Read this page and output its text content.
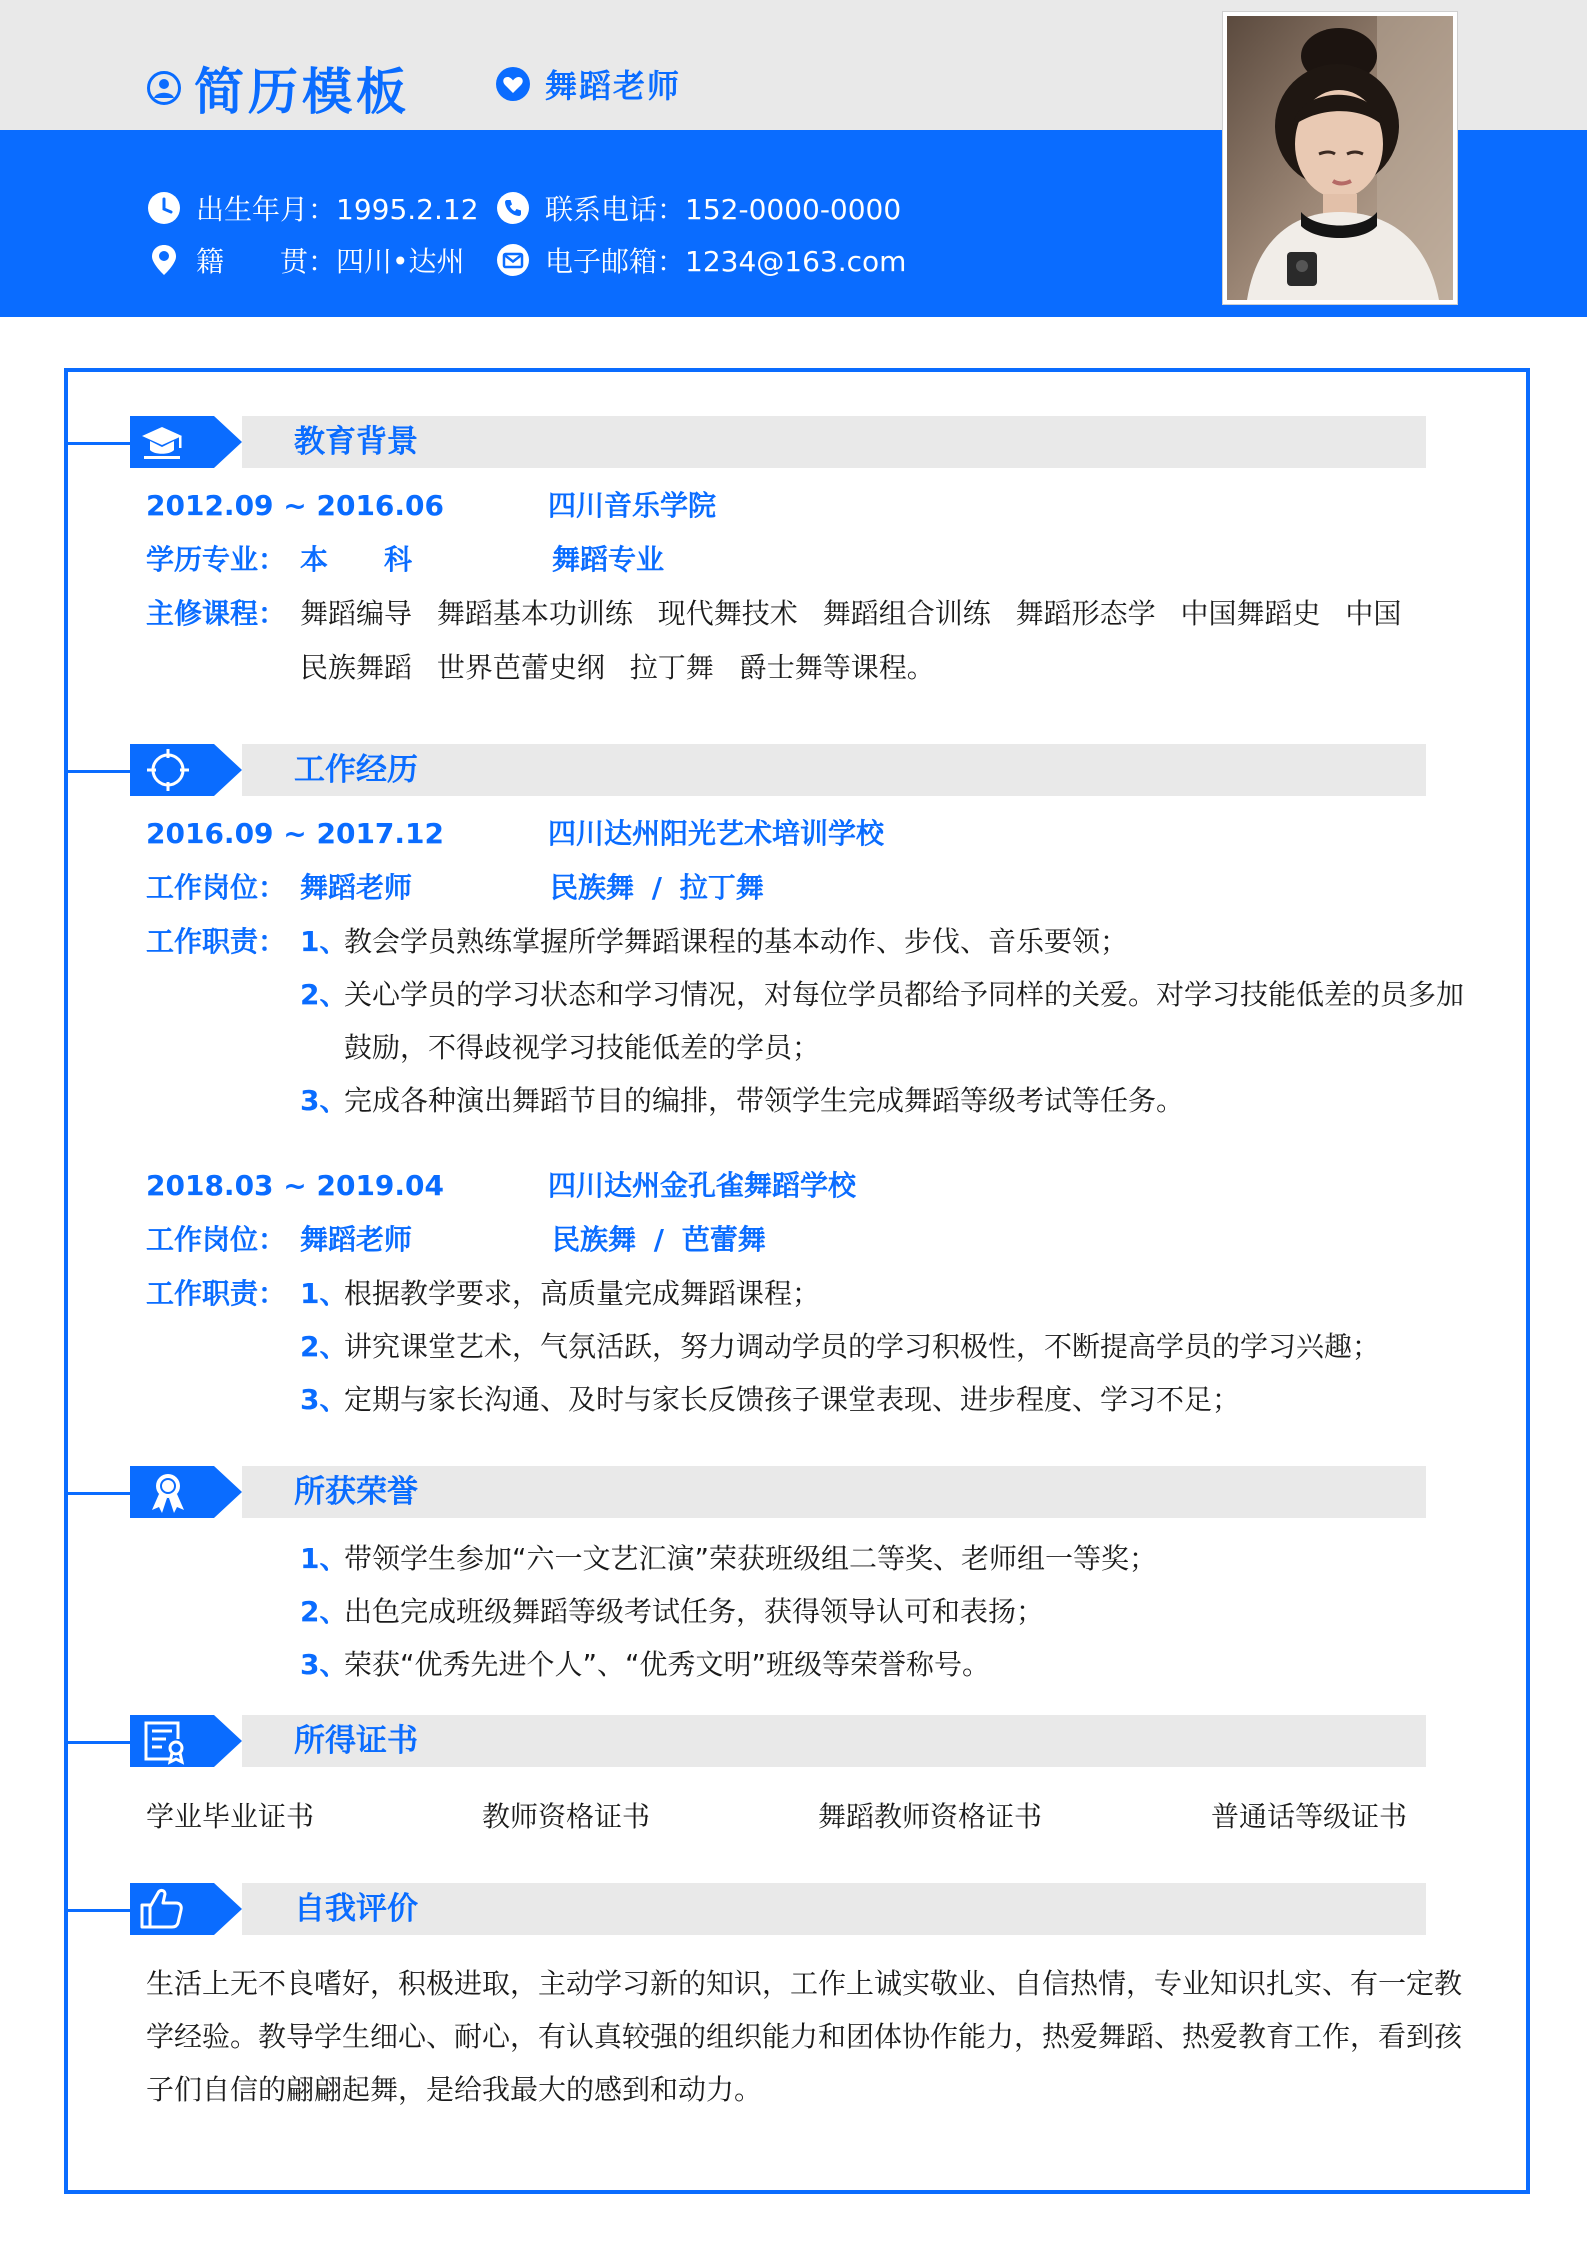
简历模板	舞蹈老师
出生年月：1995.2.12 联系电话：152-0000-0000
籍　　贯：四川•达州	电子邮箱：1234@163.com
教育背景
2012.09 ~ 2016.06	四川音乐学院
学历专业： 本　　科	舞蹈专业
主修课程： 舞蹈编导 舞蹈基本功训练 现代舞技术 舞蹈组合训练 舞蹈形态学 中国舞蹈史 中国
民族舞蹈 世界芭蕾史纲 拉丁舞 爵士舞等课程。
工作经历
2016.09 ~ 2017.12	四川达州阳光艺术培训学校
工作岗位： 舞蹈老师	民族舞 / 拉丁舞
工作职责： 1、
教会学员熟练掌握所学舞蹈课程的基本动作、步伐、音乐要领；
2、
关心学员的学习状态和学习情况，对每位学员都给予同样的关爱。对学习技能低差的员多加鼓励，不得歧视学习技能低差的学员；
3、
完成各种演出舞蹈节目的编排，带领学生完成舞蹈等级考试等任务。
2018.03 ~ 2019.04	四川达州金孔雀舞蹈学校
工作岗位： 舞蹈老师	民族舞 / 芭蕾舞
工作职责： 1、
根据教学要求，高质量完成舞蹈课程；
2、
讲究课堂艺术，气氛活跃，努力调动学员的学习积极性，不断提高学员的学习兴趣；
3、
定期与家长沟通、及时与家长反馈孩子课堂表现、进步程度、学习不足；
所获荣誉
1、
带领学生参加“六一文艺汇演”荣获班级组二等奖、老师组一等奖；
2、
出色完成班级舞蹈等级考试任务，获得领导认可和表扬；
3、
荣获“优秀先进个人”、“优秀文明”班级等荣誉称号。
所得证书
学业毕业证书	教师资格证书	舞蹈教师资格证书	普通话等级证书
自我评价
生活上无不良嗜好，积极进取，主动学习新的知识，工作上诚实敬业、自信热情，专业知识扎实、有一定教学经验。教导学生细心、耐心，有认真较强的组织能力和团体协作能力，热爱舞蹈、热爱教育工作，看到孩子们自信的翩翩起舞，是给我最大的感到和动力。
